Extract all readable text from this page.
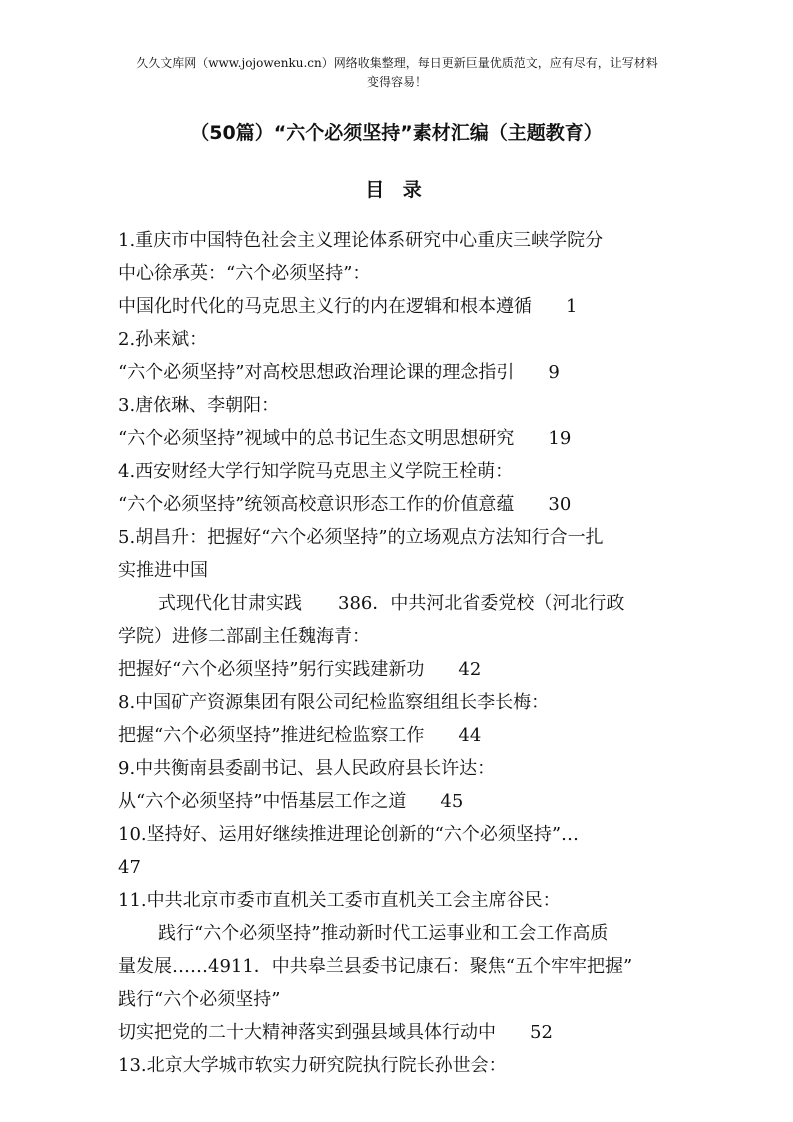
久久文库网（www.jojowenku.cn）网络收集整理，每日更新巨量优质范文，应有尽有，让写材料
变得容易！
（50篇）“六个必须坚持”素材汇编（主题教育）
目 录
1.重庆市中国特色社会主义理论体系研究中心重庆三峡学院分
中心徐承英：“六个必须坚持”：
中国化时代化的马克思主义行的内在逻辑和根本遵循 1
2.孙来斌：
“六个必须坚持”对高校思想政治理论课的理念指引 9
3.唐依琳、李朝阳：
“六个必须坚持”视域中的总书记生态文明思想研究 19
4.西安财经大学行知学院马克思主义学院王栓萌：
“六个必须坚持”统领高校意识形态工作的价值意蕴 30
5.胡昌升：把握好“六个必须坚持”的立场观点方法知行合一扎
实推进中国
式现代化甘肃实践　　386．中共河北省委党校（河北行政
学院）进修二部副主任魏海青：
把握好“六个必须坚持”躬行实践建新功 42
8.中国矿产资源集团有限公司纪检监察组组长李长梅：
把握“六个必须坚持”推进纪检监察工作 44
9.中共衡南县委副书记、县人民政府县长许达：
从“六个必须坚持”中悟基层工作之道 45
10.坚持好、运用好继续推进理论创新的“六个必须坚持”…
47
11.中共北京市委市直机关工委市直机关工会主席谷民：
践行“六个必须坚持”推动新时代工运事业和工会工作高质
量发展……4911．中共皋兰县委书记康石：聚焦“五个牢牢把握”
践行“六个必须坚持”
切实把党的二十大精神落实到强县域具体行动中 52
13.北京大学城市软实力研究院执行院长孙世会：
